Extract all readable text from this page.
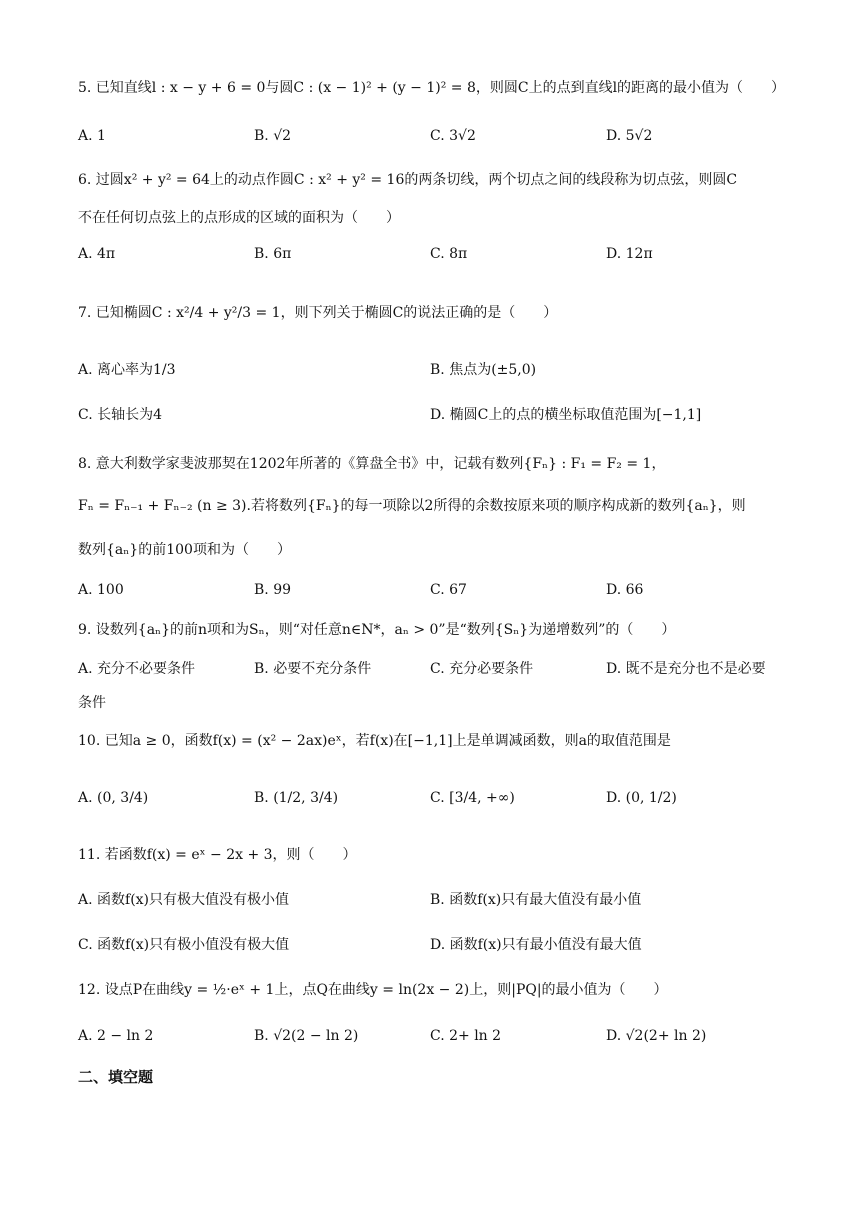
5. 已知直线l : x − y + 6 = 0与圆C : (x − 1)² + (y − 1)² = 8，则圆C上的点到直线l的距离的最小值为（　　）
A. 1	B. √2	C. 3√2	D. 5√2
6. 过圆x² + y² = 64上的动点作圆C : x² + y² = 16的两条切线，两个切点之间的线段称为切点弦，则圆C
不在任何切点弦上的点形成的区域的面积为（　　）
A. 4π	B. 6π	C. 8π	D. 12π
7. 已知椭圆C : x²/4 + y²/3 = 1，则下列关于椭圆C的说法正确的是（　　）
A. 离心率为1/3	B. 焦点为(±5,0)
C. 长轴长为4	D. 椭圆C上的点的横坐标取值范围为[−1,1]
8. 意大利数学家斐波那契在1202年所著的《算盘全书》中，记载有数列{Fₙ} : F₁ = F₂ = 1，
Fₙ = Fₙ₋₁ + Fₙ₋₂ (n ≥ 3).若将数列{Fₙ}的每一项除以2所得的余数按原来项的顺序构成新的数列{aₙ}，则
数列{aₙ}的前100项和为（　　）
A. 100	B. 99	C. 67	D. 66
9. 设数列{aₙ}的前n项和为Sₙ，则“对任意n∈N*，aₙ > 0”是“数列{Sₙ}为递增数列”的（　　）
A. 充分不必要条件	B. 必要不充分条件	C. 充分必要条件	D. 既不是充分也不是必要
条件
10. 已知a ≥ 0，函数f(x) = (x² − 2ax)eˣ，若f(x)在[−1,1]上是单调减函数，则a的取值范围是
A. (0, 3/4)	B. (1/2, 3/4)	C. [3/4, +∞)	D. (0, 1/2)
11. 若函数f(x) = eˣ − 2x + 3，则（　　）
A. 函数f(x)只有极大值没有极小值	B. 函数f(x)只有最大值没有最小值
C. 函数f(x)只有极小值没有极大值	D. 函数f(x)只有最小值没有最大值
12. 设点P在曲线y = ½·eˣ + 1上，点Q在曲线y = ln(2x − 2)上，则|PQ|的最小值为（　　）
A. 2 − ln 2	B. √2(2 − ln 2)	C. 2+ ln 2	D. √2(2+ ln 2)
二、填空题
